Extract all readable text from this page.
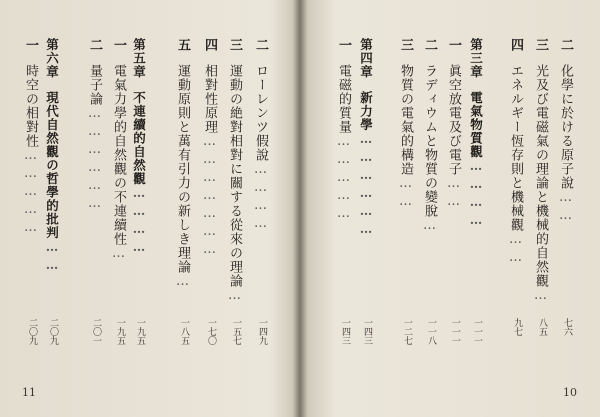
二ローレンツ假說…………
一四九
三運動の絶對相對に關する從來の理論…
一五七
四相對性原理…………………
一七〇
五運動原則と萬有引力の新しき理論…
一八五
第五章不連續的自然觀…………
一九五
一電氣力學的自然觀の不連續性…
一九五
二量子論………………
二〇一
第六章現代自然觀の哲學的批判……
二〇九
一時空の相對性……………
二〇九
11
二化學に於ける原子說……
七六
三光及び電磁氣の理論と機械的自然觀…
八五
四エネルギー恆存則と機械觀……
九七
第三章電氣物質觀…………
一一一
一眞空放電及び電子……
一一一
二ラディウムと物質の變脫…
一一八
三物質の電氣的構造……
一二七
第四章新力學………………
一四三
一電磁的質量……………
一四三
10
